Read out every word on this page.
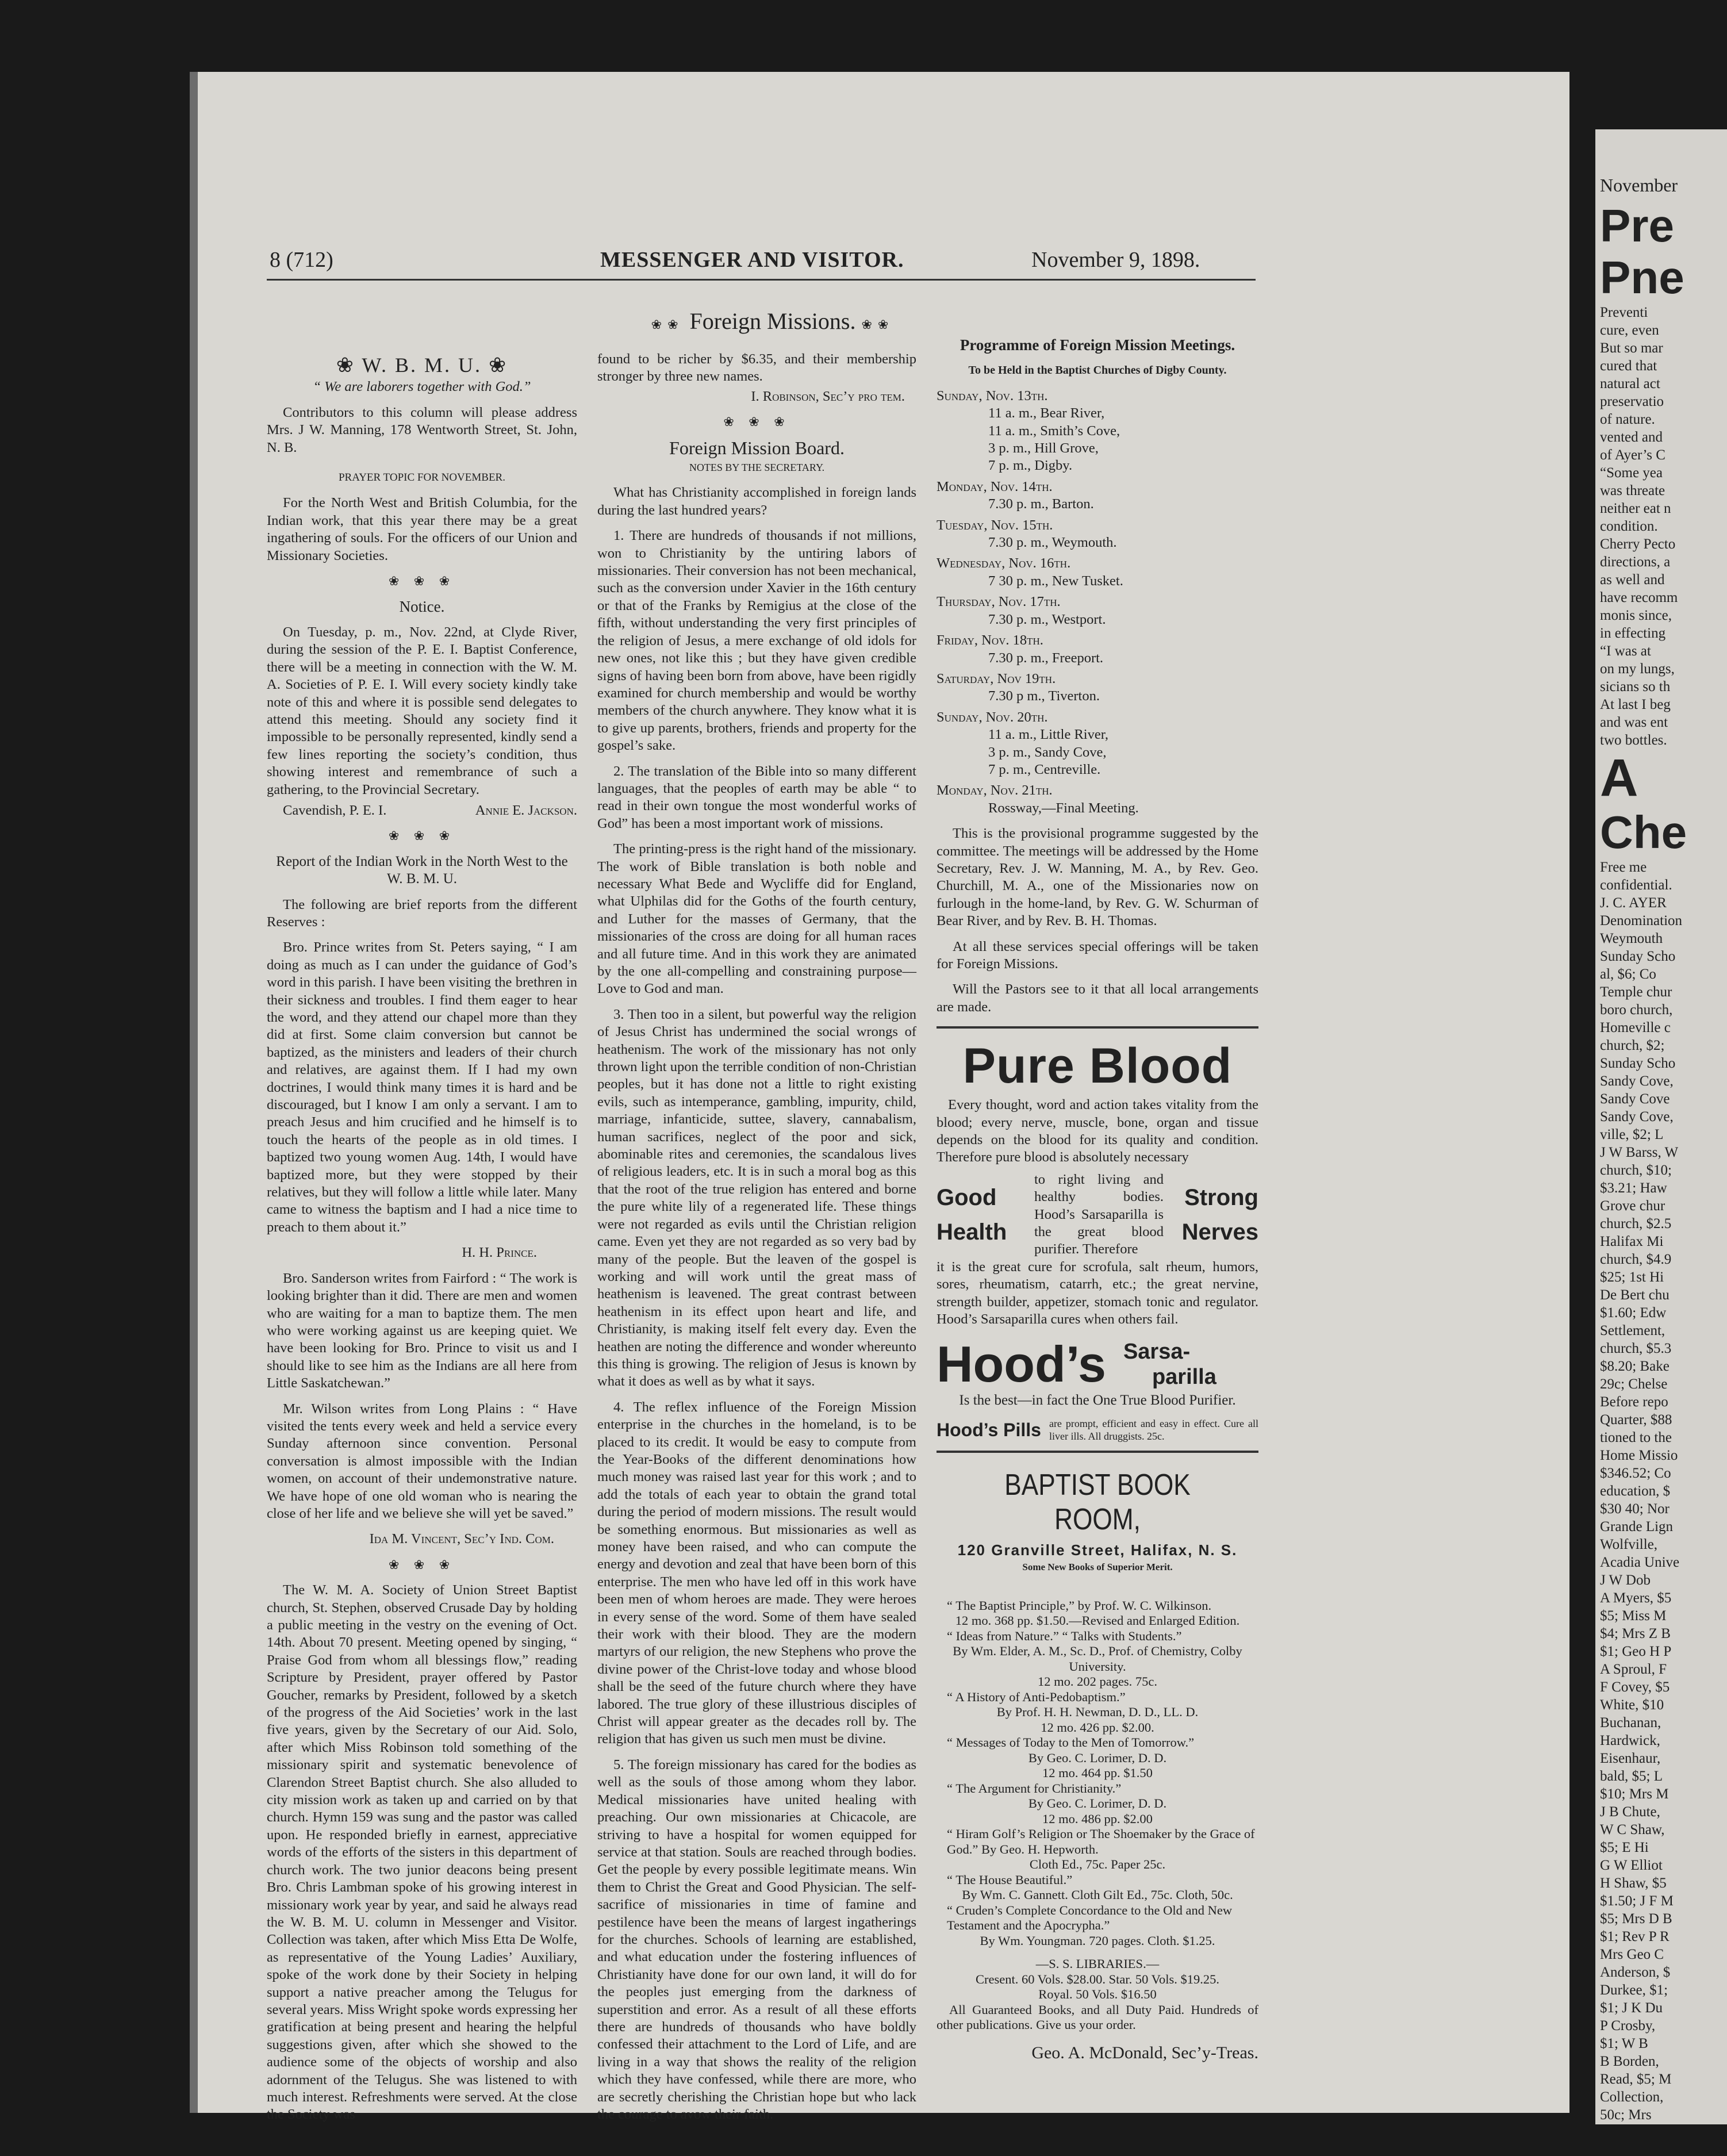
8 (712)	MESSENGER AND VISITOR.	November 9, 1898.
❀❀ Foreign Missions. ❀❀
❀ W. B. M. U. ❀

“ We are laborers together with God.”

Contributors to this column will please address Mrs. J W. Manning, 178 Wentworth Street, St. John, N. B.

PRAYER TOPIC FOR NOVEMBER.

For the North West and British Columbia, for the Indian work, that this year there may be a great ingathering of souls. For the officers of our Union and Missionary Societies.

❀ ❀ ❀

Notice.

On Tuesday, p. m., Nov. 22nd, at Clyde River, during the session of the P. E. I. Baptist Conference, there will be a meeting in connection with the W. M. A. Societies of P. E. I. Will every society kindly take note of this and where it is possible send delegates to attend this meeting. Should any society find it impossible to be personally represented, kindly send a few lines reporting the society’s condition, thus showing interest and remembrance of such a gathering, to the Provincial Secretary.

Cavendish, P. E. I.	Annie E. Jackson.

❀ ❀ ❀

Report of the Indian Work in the North West to the W. B. M. U.

The following are brief reports from the different Reserves :

Bro. Prince writes from St. Peters saying, “ I am doing as much as I can under the guidance of God’s word in this parish. I have been visiting the brethren in their sickness and troubles. I find them eager to hear the word, and they attend our chapel more than they did at first. Some claim conversion but cannot be baptized, as the ministers and leaders of their church and relatives, are against them. If I had my own doctrines, I would think many times it is hard and be discouraged, but I know I am only a servant. I am to preach Jesus and him crucified and he himself is to touch the hearts of the people as in old times. I baptized two young women Aug. 14th, I would have baptized more, but they were stopped by their relatives, but they will follow a little while later. Many came to witness the baptism and I had a nice time to preach to them about it.”

H. H. Prince.

Bro. Sanderson writes from Fairford : “ The work is looking brighter than it did. There are men and women who are waiting for a man to baptize them. The men who were working against us are keeping quiet. We have been looking for Bro. Prince to visit us and I should like to see him as the Indians are all here from Little Saskatchewan.”

Mr. Wilson writes from Long Plains : “ Have visited the tents every week and held a service every Sunday afternoon since convention. Personal conversation is almost impossible with the Indian women, on account of their undemonstrative nature. We have hope of one old woman who is nearing the close of her life and we believe she will yet be saved.”

Ida M. Vincent, Sec’y Ind. Com.

❀ ❀ ❀

The W. M. A. Society of Union Street Baptist church, St. Stephen, observed Crusade Day by holding a public meeting in the vestry on the evening of Oct. 14th. About 70 present. Meeting opened by singing, “ Praise God from whom all blessings flow,” reading Scripture by President, prayer offered by Pastor Goucher, remarks by President, followed by a sketch of the progress of the Aid Societies’ work in the last five years, given by the Secretary of our Aid. Solo, after which Miss Robinson told something of the missionary spirit and systematic benevolence of Clarendon Street Baptist church. She also alluded to city mission work as taken up and carried on by that church. Hymn 159 was sung and the pastor was called upon. He responded briefly in earnest, appreciative words of the efforts of the sisters in this department of church work. The two junior deacons being present Bro. Chris Lambman spoke of his growing interest in missionary work year by year, and said he always read the W. B. M. U. column in Messenger and Visitor. Collection was taken, after which Miss Etta De Wolfe, as representative of the Young Ladies’ Auxiliary, spoke of the work done by their Society in helping support a native preacher among the Telugus for several years. Miss Wright spoke words expressing her gratification at being present and hearing the helpful suggestions given, after which she showed to the audience some of the objects of worship and also adornment of the Telugus. She was listened to with much interest. Refreshments were served. At the close the Society was

found to be richer by $6.35, and their membership stronger by three new names.

I. Robinson, Sec’y pro tem.

❀ ❀ ❀

Foreign Mission Board.

NOTES BY THE SECRETARY.

What has Christianity accomplished in foreign lands during the last hundred years?

1. There are hundreds of thousands if not millions, won to Christianity by the untiring labors of missionaries. Their conversion has not been mechanical, such as the conversion under Xavier in the 16th century or that of the Franks by Remigius at the close of the fifth, without understanding the very first principles of the religion of Jesus, a mere exchange of old idols for new ones, not like this ; but they have given credible signs of having been born from above, have been rigidly examined for church membership and would be worthy members of the church anywhere. They know what it is to give up parents, brothers, friends and property for the gospel’s sake.

2. The translation of the Bible into so many different languages, that the peoples of earth may be able “ to read in their own tongue the most wonderful works of God” has been a most important work of missions.

The printing-press is the right hand of the missionary. The work of Bible translation is both noble and necessary What Bede and Wycliffe did for England, what Ulphilas did for the Goths of the fourth century, and Luther for the masses of Germany, that the missionaries of the cross are doing for all human races and all future time. And in this work they are animated by the one all-compelling and constraining purpose—Love to God and man.

3. Then too in a silent, but powerful way the religion of Jesus Christ has undermined the social wrongs of heathenism. The work of the missionary has not only thrown light upon the terrible condition of non-Christian peoples, but it has done not a little to right existing evils, such as intemperance, gambling, impurity, child, marriage, infanticide, suttee, slavery, cannabalism, human sacrifices, neglect of the poor and sick, abominable rites and ceremonies, the scandalous lives of religious leaders, etc. It is in such a moral bog as this that the root of the true religion has entered and borne the pure white lily of a regenerated life. These things were not regarded as evils until the Christian religion came. Even yet they are not regarded as so very bad by many of the people. But the leaven of the gospel is working and will work until the great mass of heathenism is leavened. The great contrast between heathenism in its effect upon heart and life, and Christianity, is making itself felt every day. Even the heathen are noting the difference and wonder whereunto this thing is growing. The religion of Jesus is known by what it does as well as by what it says.

4. The reflex influence of the Foreign Mission enterprise in the churches in the homeland, is to be placed to its credit. It would be easy to compute from the Year-Books of the different denominations how much money was raised last year for this work ; and to add the totals of each year to obtain the grand total during the period of modern missions. The result would be something enormous. But missionaries as well as money have been raised, and who can compute the energy and devotion and zeal that have been born of this enterprise. The men who have led off in this work have been men of whom heroes are made. They were heroes in every sense of the word. Some of them have sealed their work with their blood. They are the modern martyrs of our religion, the new Stephens who prove the divine power of the Christ-love today and whose blood shall be the seed of the future church where they have labored. The true glory of these illustrious disciples of Christ will appear greater as the decades roll by. The religion that has given us such men must be divine.

5. The foreign missionary has cared for the bodies as well as the souls of those among whom they labor. Medical missionaries have united healing with preaching. Our own missionaries at Chicacole, are striving to have a hospital for women equipped for service at that station. Souls are reached through bodies. Get the people by every possible legitimate means. Win them to Christ the Great and Good Physician. The self-sacrifice of missionaries in time of famine and pestilence have been the means of largest ingatherings for the churches. Schools of learning are established, and what education under the fostering influences of Christianity have done for our own land, it will do for the peoples just emerging from the darkness of superstition and error. As a result of all these efforts there are hundreds of thousands who have boldly confessed their attachment to the Lord of Life, and are living in a way that shows the reality of the religion which they have confessed, while there are more, who are secretly cherishing the Christian hope but who lack the courage to avow their faith.

Programme of Foreign Mission Meetings.

To be Held in the Baptist Churches of Digby County.

Sunday, Nov. 13th.
11 a. m., Bear River,
11 a. m., Smith’s Cove,
3 p. m., Hill Grove,
7 p. m., Digby.
Monday, Nov. 14th.
7.30 p. m., Barton.
Tuesday, Nov. 15th.
7.30 p. m., Weymouth.
Wednesday, Nov. 16th.
7 30 p. m., New Tusket.
Thursday, Nov. 17th.
7.30 p. m., Westport.
Friday, Nov. 18th.
7.30 p. m., Freeport.
Saturday, Nov 19th.
7.30 p m., Tiverton.
Sunday, Nov. 20th.
11 a. m., Little River,
3 p. m., Sandy Cove,
7 p. m., Centreville.
Monday, Nov. 21th.
Rossway,—Final Meeting.

This is the provisional programme suggested by the committee. The meetings will be addressed by the Home Secretary, Rev. J. W. Manning, M. A., by Rev. Geo. Churchill, M. A., one of the Missionaries now on furlough in the home-land, by Rev. G. W. Schurman of Bear River, and by Rev. B. H. Thomas.

At all these services special offerings will be taken for Foreign Missions.

Will the Pastors see to it that all local arrangements are made.

Pure Blood

Every thought, word and action takes vitality from the blood; every nerve, muscle, bone, organ and tissue depends on the blood for its quality and condition. Therefore pure blood is absolutely necessary

Good
Health
to right living and healthy bodies. Hood’s Sarsaparilla is the great blood purifier. Therefore
Strong
Nerves

it is the great cure for scrofula, salt rheum, humors, sores, rheumatism, catarrh, etc.; the great nervine, strength builder, appetizer, stomach tonic and regulator. Hood’s Sarsaparilla cures when others fail.

Hood’s Sarsa-
parilla

Is the best—in fact the One True Blood Purifier.

Hood’s Pills are prompt, efficient and easy in effect. Cure all liver ills. All druggists. 25c.
BAPTIST BOOK ROOM,
120 Granville Street, Halifax, N. S.
Some New Books of Superior Merit.
“ The Baptist Principle,” by Prof. W. C. Wilkinson.
12 mo. 368 pp. $1.50.—Revised and Enlarged Edition.
“ Ideas from Nature.” “ Talks with Students.”
By Wm. Elder, A. M., Sc. D., Prof. of Chemistry, Colby University.
12 mo. 202 pages. 75c.
“ A History of Anti-Pedobaptism.”
By Prof. H. H. Newman, D. D., LL. D.
12 mo. 426 pp. $2.00.
“ Messages of Today to the Men of Tomorrow.”
By Geo. C. Lorimer, D. D.
12 mo. 464 pp. $1.50
“ The Argument for Christianity.”
By Geo. C. Lorimer, D. D.
12 mo. 486 pp. $2.00
“ Hiram Golf’s Religion or The Shoemaker by the Grace of God.” By Geo. H. Hepworth.
Cloth Ed., 75c. Paper 25c.
“ The House Beautiful.”
By Wm. C. Gannett. Cloth Gilt Ed., 75c. Cloth, 50c.
“ Cruden’s Complete Concordance to the Old and New Testament and the Apocrypha.”
By Wm. Youngman. 720 pages. Cloth. $1.25.
—S. S. LIBRARIES.—
Cresent. 60 Vols. $28.00. Star. 50 Vols. $19.25.
Royal. 50 Vols. $16.50
All Guaranteed Books, and all Duty Paid. Hundreds of other publications. Give us your order.
Geo. A. McDonald, Sec’y-Treas.
November
Pre
Pne
Preventi
cure, even
But so mar
cured that
natural act
preservatio
of nature.
vented and
of Ayer’s C
“Some yea
was threate
neither eat n
condition.
Cherry Pecto
directions, a
as well and
have recomm
monis since,
in effecting
“I was at
on my lungs,
sicians so th
At last I beg
and was ent
two bottles.
A
Che
Free me
confidential.
J. C. AYER
Denomination
Weymouth
Sunday Scho
al, $6; Co
Temple chur
boro church,
Homeville c
church, $2;
Sunday Scho
Sandy Cove,
Sandy Cove
Sandy Cove,
ville, $2; L
J W Barss, W
church, $10;
$3.21; Haw
Grove chur
church, $2.5
Halifax Mi
church, $4.9
$25; 1st Hi
De Bert chu
$1.60; Edw
Settlement,
church, $5.3
$8.20; Bake
29c; Chelse
Before repo
Quarter, $88
tioned to the
Home Missio
$346.52; Co
education, $
$30 40; Nor
Grande Lign
Wolfville,
Acadia Unive
J W Dob
A Myers, $5
$5; Miss M
$4; Mrs Z B
$1; Geo H P
A Sproul, F
F Covey, $5
White, $10
Buchanan,
Hardwick,
Eisenhaur,
bald, $5; L
$10; Mrs M
J B Chute,
W C Shaw,
$5; E Hi
G W Elliot
H Shaw, $5
$1.50; J F M
$5; Mrs D B
$1; Rev P R
Mrs Geo C
Anderson, $
Durkee, $1;
$1; J K Du
P Crosby,
$1; W B
B Borden,
Read, $5; M
Collection,
50c; Mrs
